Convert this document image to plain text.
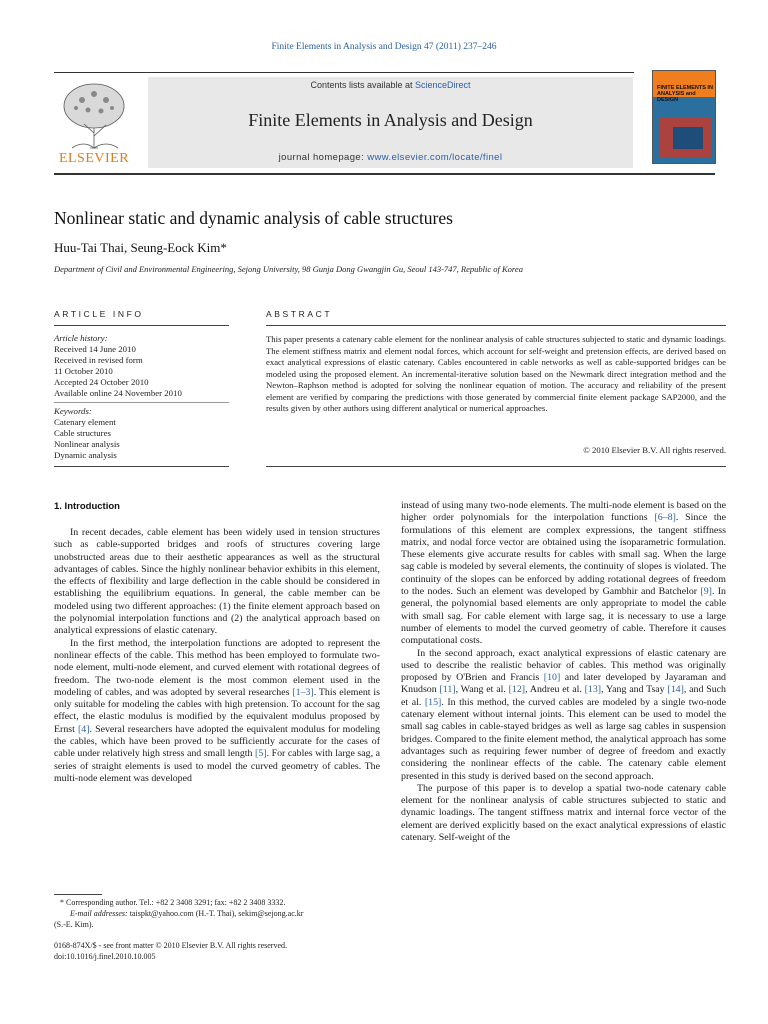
Finite Elements in Analysis and Design 47 (2011) 237–246
ELSEVIER
Contents lists available at ScienceDirect
Finite Elements in Analysis and Design
journal homepage: www.elsevier.com/locate/finel
FINITE ELEMENTS IN ANALYSIS and DESIGN
Nonlinear static and dynamic analysis of cable structures
Huu-Tai Thai, Seung-Eock Kim*
Department of Civil and Environmental Engineering, Sejong University, 98 Gunja Dong Gwangjin Gu, Seoul 143-747, Republic of Korea
ARTICLE INFO	ABSTRACT
Article history:
Received 14 June 2010
Received in revised form
11 October 2010
Accepted 24 October 2010
Available online 24 November 2010
Keywords:
Catenary element
Cable structures
Nonlinear analysis
Dynamic analysis
This paper presents a catenary cable element for the nonlinear analysis of cable structures subjected to static and dynamic loadings. The element stiffness matrix and element nodal forces, which account for self-weight and pretension effects, are derived based on exact analytical expressions of elastic catenary. Cables encountered in cable networks as well as cable-supported bridges can be modeled using the proposed element. An incremental-iterative solution based on the Newmark direct integration method and the Newton–Raphson method is adopted for solving the nonlinear equation of motion. The accuracy and reliability of the present element are verified by comparing the predictions with those generated by commercial finite element package SAP2000, and the results given by other authors using different analytical or numerical approaches.
© 2010 Elsevier B.V. All rights reserved.
1. Introduction

In recent decades, cable element has been widely used in tension structures such as cable-supported bridges and roofs of structures covering large unobstructed areas due to their aesthetic appearances as well as the structural advantages of cables. Since the highly nonlinear behavior exhibits in this element, the effects of flexibility and large deflection in the cable should be considered in establishing the equilibrium equations. In general, the cable member can be modeled using two different approaches: (1) the finite element approach based on the polynomial interpolation functions and (2) the analytical approach based on analytical expressions of elastic catenary.

In the first method, the interpolation functions are adopted to represent the nonlinear effects of the cable. This method has been employed to formulate two-node element, multi-node element, and curved element with rotational degrees of freedom. The two-node element is the most common element used in the modeling of cables, and was adopted by several researches [1–3]. This element is only suitable for modeling the cables with high pretension. To account for the sag effect, the elastic modulus is modified by the equivalent modulus proposed by Ernst [4]. Several researchers have adopted the equivalent modulus for modeling the cables, which have been proved to be sufficiently accurate for the cases of cable under relatively high stress and small length [5]. For cables with large sag, a series of straight elements is used to model the curved geometry of cables. The multi-node element was developed

instead of using many two-node elements. The multi-node element is based on the higher order polynomials for the interpolation functions [6–8]. Since the formulations of this element are complex expressions, the tangent stiffness matrix, and nodal force vector are obtained using the isoparametric formulation. These elements give accurate results for cables with small sag. When the large sag cable is modeled by several elements, the continuity of slopes is violated. The continuity of the slopes can be enforced by adding rotational degrees of freedom to the nodes. Such an element was developed by Gambhir and Batchelor [9]. In general, the polynomial based elements are only appropriate to model the cable with small sag. For cable element with large sag, it is necessary to use a large number of elements to model the curved geometry of cable. Therefore it causes computational costs.

In the second approach, exact analytical expressions of elastic catenary are used to describe the realistic behavior of cables. This method was originally proposed by O'Brien and Francis [10] and later developed by Jayaraman and Knudson [11], Wang et al. [12], Andreu et al. [13], Yang and Tsay [14], and Such et al. [15]. In this method, the curved cables are modeled by a single two-node catenary element without internal joints. This element can be used to model the small sag cables in cable-stayed bridges as well as large sag cables in suspension bridges. Compared to the finite element method, the analytical approach has some advantages such as requiring fewer number of degree of freedom and exactly considering the nonlinear effects of the cable. The catenary cable element presented in this study is derived based on the second approach.

The purpose of this paper is to develop a spatial two-node catenary cable element for the nonlinear analysis of cable structures subjected to static and dynamic loadings. The tangent stiffness matrix and internal force vector of the element are derived explicitly based on the exact analytical expressions of elastic catenary. Self-weight of the

* Corresponding author. Tel.: +82 2 3408 3291; fax: +82 2 3408 3332.
E-mail addresses: taispkt@yahoo.com (H.-T. Thai), sekim@sejong.ac.kr
(S.-E. Kim).
0168-874X/$ - see front matter © 2010 Elsevier B.V. All rights reserved.
doi:10.1016/j.finel.2010.10.005
